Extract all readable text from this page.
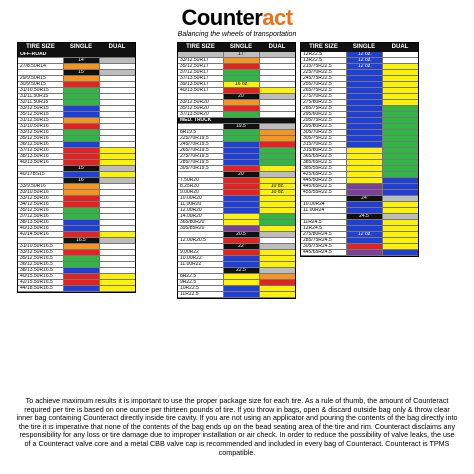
Counteract
Balancing the wheels of transportation
TIRE SIZE	SINGLE	DUAL
OFF-ROAD
14"
27/8.50R14
15"
29/9.50R15
30/9.50R15
31/10.50R15
31/11.50R15
32/11.50R15
33/12.50R15
35/12.50R15
31/12.50R15
31/10.50R16
33/12.50R16
35/12.50R16
36/12.50R16
37/12.50R16
38/13.50R16
40/13.50R16
15"
40/17BS15
16"
33/9.50R16
33/10.50R16
33/12.50R16
34/12.50R16
35/12.50R16
37/12.50R16
38/13.50R16
40/13.50R16
42/14.50R16
16.5"
31/10.50R16.5
33/12.50R16.5
35/12.50R16.5
36/12.50R16.5
38/13.50R16.5
40/15.50R16.5
42/15.50R16.5
44/18.50R16.5
TIRE SIZE	SINGLE	DUAL
17"
33/12.50R17
35/12.50R17
37/12.50R17
37/13.50R17
39/13.50R17	16 oz.
40/13.50R17
20"
33/12.50R20
35/12.50R20
37/13.50R20
MED. TRUCK
19.5"
8R19.5
225/70R19.5
245/70R19.5
265/70R19.5
275/70R19.5
285/70R19.5
305/70R19.5
20"
7.50R20
8.25R20	10 oz.
9.00R20	10 oz.
10.00R20
11.00R20
12.00R20
14.00R20
365/80R20
395/85R20
20.5"
12.00R20.5
22"
9.00R22
10.00R22
11.00R22
22.5"
8R22.5
9R22.5
10R22.5
11R22.5
TIRE SIZE	SINGLE	DUAL
12R22.5	12 oz.
13R22.5	12 oz.
215/75R22.5	12 oz.
225/70R22.5
245/75R22.5
255/70R22.5
265/75R22.5
275/70R22.5
275/80R22.5
285/75R22.5
295/60R22.5
295/75R22.5
295/80R22.5
305/70R22.5
305/75R22.5
315/70R22.5
315/80R22.5
365/65R22.5
385/65R22.5
385/55R22.5
425/65R22.5
445/50R22.5
445/65R22.5
455/55R22.5
24"
10.00R24
11.00R24
24.5"
11R24.5
12R24.5
275/80R24.5	12 oz.
285/75R24.5
305/75R24.5
445/65R24.5
To achieve maximum results it is important to use the proper package size for each tire. As a rule of thumb, the amount of Counteract required per tire is based on one ounce per thirteen pounds of tire. If you throw in bags, open & discard outside bag only & throw clear inner bag containing Counteract directly inside tire cavity. If you are not using an applicator and pouring the contents of the bag directly into the tire it is imperative that none of the contents of the bag ends up on the bead seating area of the tire and rim. Counteract disclaims any responsibility for any loss or tire damage due to improper installation or air check. In order to reduce the possibility of valve leaks, the use of a Counteract valve core and a metal CBB valve cap is recommended and included in every bag of Counteract. Counteract is TPMS compatible.
